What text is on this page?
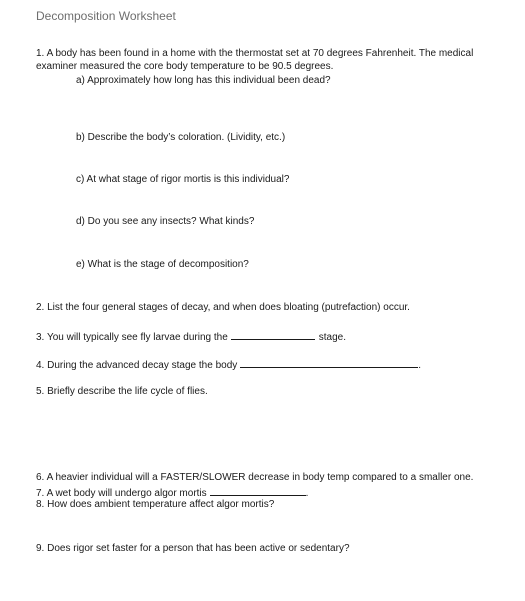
Decomposition Worksheet
1. A body has been found in a home with the thermostat set at 70 degrees Fahrenheit. The medical
examiner measured the core body temperature to be 90.5 degrees.
a) Approximately how long has this individual been dead?
b) Describe the body’s coloration. (Lividity, etc.)
c) At what stage of rigor mortis is this individual?
d) Do you see any insects? What kinds?
e) What is the stage of decomposition?
2. List the four general stages of decay, and when does bloating (putrefaction) occur.
3. You will typically see fly larvae during the	stage.
4. During the advanced decay stage the body	.
5. Briefly describe the life cycle of flies.
6. A heavier individual will a FASTER/SLOWER decrease in body temp compared to a smaller one.
7. A wet body will undergo algor mortis	.
8. How does ambient temperature affect algor mortis?
9. Does rigor set faster for a person that has been active or sedentary?
